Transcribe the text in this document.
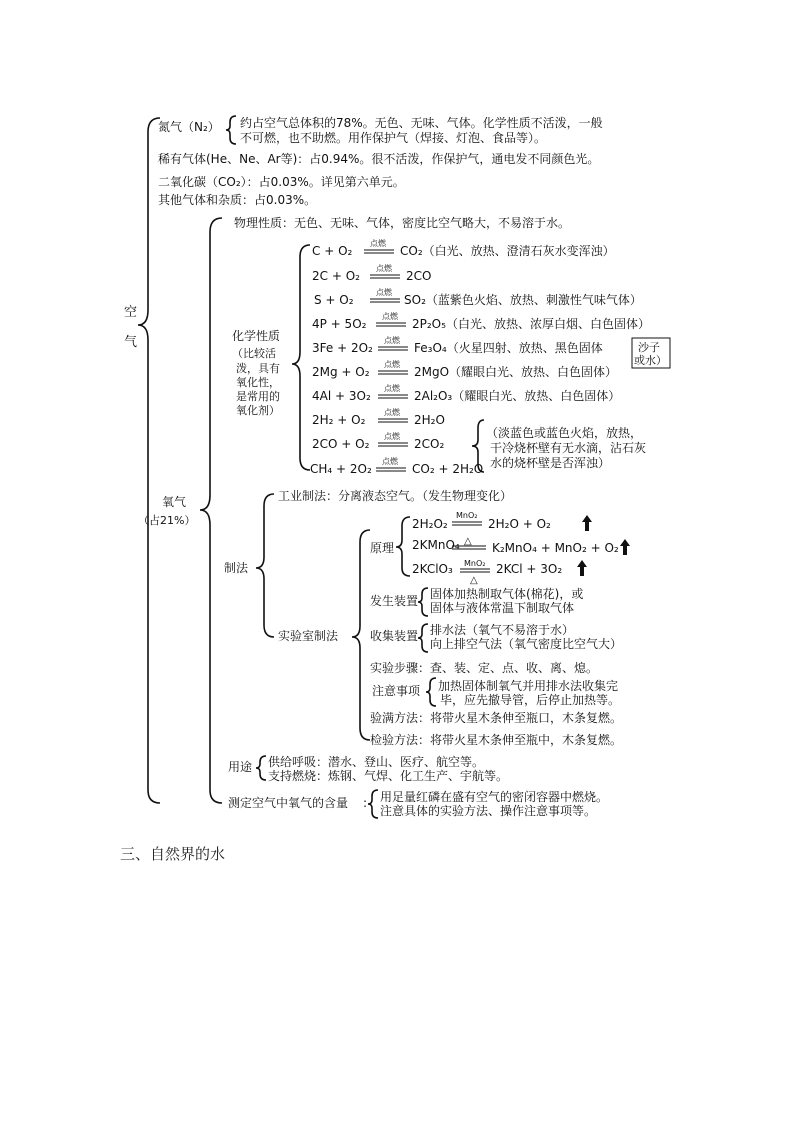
空
气
氮气（N₂） 约占空气总体积的78%。无色、无味、气体。化学性质不活泼，一般
不可燃，也不助燃。用作保护气（焊接、灯泡、食品等）。
稀有气体(He、Ne、Ar等)：占0.94%。很不活泼，作保护气，通电发不同颜色光。
二氧化碳（CO₂）：占0.03%。详见第六单元。
其他气体和杂质：占0.03%。
氧气
（占21%）
物理性质：无色、无味、气体，密度比空气略大，不易溶于水。
化学性质
（比较活
泼，具有
氧化性，
是常用的
氧化剂）
C + O₂
点燃
CO₂（白光、放热、澄清石灰水变浑浊）
2C + O₂
点燃
2CO
S + O₂
点燃
SO₂（蓝紫色火焰、放热、刺激性气味气体）
4P + 5O₂
点燃
2P₂O₅（白光、放热、浓厚白烟、白色固体）
3Fe + 2O₂
点燃
Fe₃O₄（火星四射、放热、黑色固体	沙子
或水）
2Mg + O₂
点燃
2MgO（耀眼白光、放热、白色固体）
4Al + 3O₂
点燃
2Al₂O₃（耀眼白光、放热、白色固体）
2H₂ + O₂
点燃
2H₂O
2CO + O₂
点燃
2CO₂
CH₄ + 2O₂
点燃
CO₂ + 2H₂O
（淡蓝色或蓝色火焰，放热，
干冷烧杯壁有无水滴，沾石灰
水的烧杯壁是否浑浊）
制法
工业制法：分离液态空气。（发生物理变化）
实验室制法
原理
2H₂O₂
MnO₂
2H₂O + O₂
2KMnO₄ △ K₂MnO₄ + MnO₂ + O₂
2KClO₃ MnO₂
△
2KCl + 3O₂
发生装置 固体加热制取气体(棉花)，或
固体与液体常温下制取气体
收集装置 排水法（氧气不易溶于水）
向上排空气法（氧气密度比空气大）
实验步骤：查、装、定、点、收、离、熄。
注意事项 加热固体制氧气并用排水法收集完
毕，应先撤导管，后停止加热等。
验满方法：将带火星木条伸至瓶口，木条复燃。
检验方法：将带火星木条伸至瓶中，木条复燃。
用途 供给呼吸：潜水、登山、医疗、航空等。
支持燃烧：炼钢、气焊、化工生产、宇航等。
测定空气中氧气的含量 : 用足量红磷在盛有空气的密闭容器中燃烧。
注意具体的实验方法、操作注意事项等。
三、自然界的水
